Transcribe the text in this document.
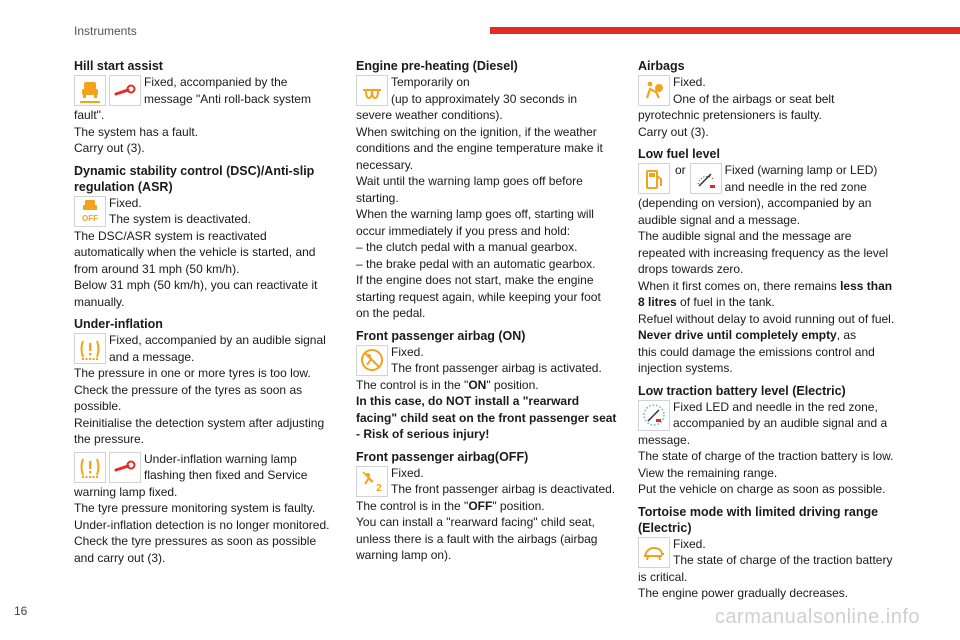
Instruments
Hill start assist

Fixed, accompanied by the

message "Anti roll-back system

fault".

The system has a fault.

Carry out (3).

Dynamic stability control (DSC)/Anti-slip
regulation (ASR)
OFF

Fixed.

The system is deactivated.

The DSC/ASR system is reactivated

automatically when the vehicle is started, and

from around 31 mph (50 km/h).

Below 31 mph (50 km/h), you can reactivate it

manually.

Under-inflation

Fixed, accompanied by an audible signal

and a message.

The pressure in one or more tyres is too low.

Check the pressure of the tyres as soon as

possible.

Reinitialise the detection system after adjusting

the pressure.

Under-inflation warning lamp

flashing then fixed and Service

warning lamp fixed.

The tyre pressure monitoring system is faulty.

Under-inflation detection is no longer monitored.

Check the tyre pressures as soon as possible

and carry out (3).

Engine pre-heating (Diesel)

Temporarily on

(up to approximately 30 seconds in

severe weather conditions).

When switching on the ignition, if the weather

conditions and the engine temperature make it

necessary.

Wait until the warning lamp goes off before

starting.

When the warning lamp goes off, starting will

occur immediately if you press and hold:

– the clutch pedal with a manual gearbox.

– the brake pedal with an automatic gearbox.

If the engine does not start, make the engine

starting request again, while keeping your foot

on the pedal.

Front passenger airbag (ON)

Fixed.

The front passenger airbag is activated.

The control is in the "ON" position.

In this case, do NOT install a "rearward

facing" child seat on the front passenger seat

- Risk of serious injury!

Front passenger airbag(OFF)
2

Fixed.

The front passenger airbag is deactivated.

The control is in the "OFF" position.

You can install a "rearward facing" child seat,

unless there is a fault with the airbags (airbag

warning lamp on).

Airbags

Fixed.

One of the airbags or seat belt

pyrotechnic pretensioners is faulty.

Carry out (3).

Low fuel level
or	Fixed (warning lamp or LED)

and needle in the red zone

(depending on version), accompanied by an

audible signal and a message.

The audible signal and the message are

repeated with increasing frequency as the level

drops towards zero.

When it first comes on, there remains less than

8 litres of fuel in the tank.

Refuel without delay to avoid running out of fuel.

Never drive until completely empty, as

this could damage the emissions control and

injection systems.

Low traction battery level (Electric)

Fixed LED and needle in the red zone,

accompanied by an audible signal and a

message.

The state of charge of the traction battery is low.

View the remaining range.

Put the vehicle on charge as soon as possible.

Tortoise mode with limited driving range
(Electric)

Fixed.

The state of charge of the traction battery

is critical.

The engine power gradually decreases.

16	carmanualsonline.info
